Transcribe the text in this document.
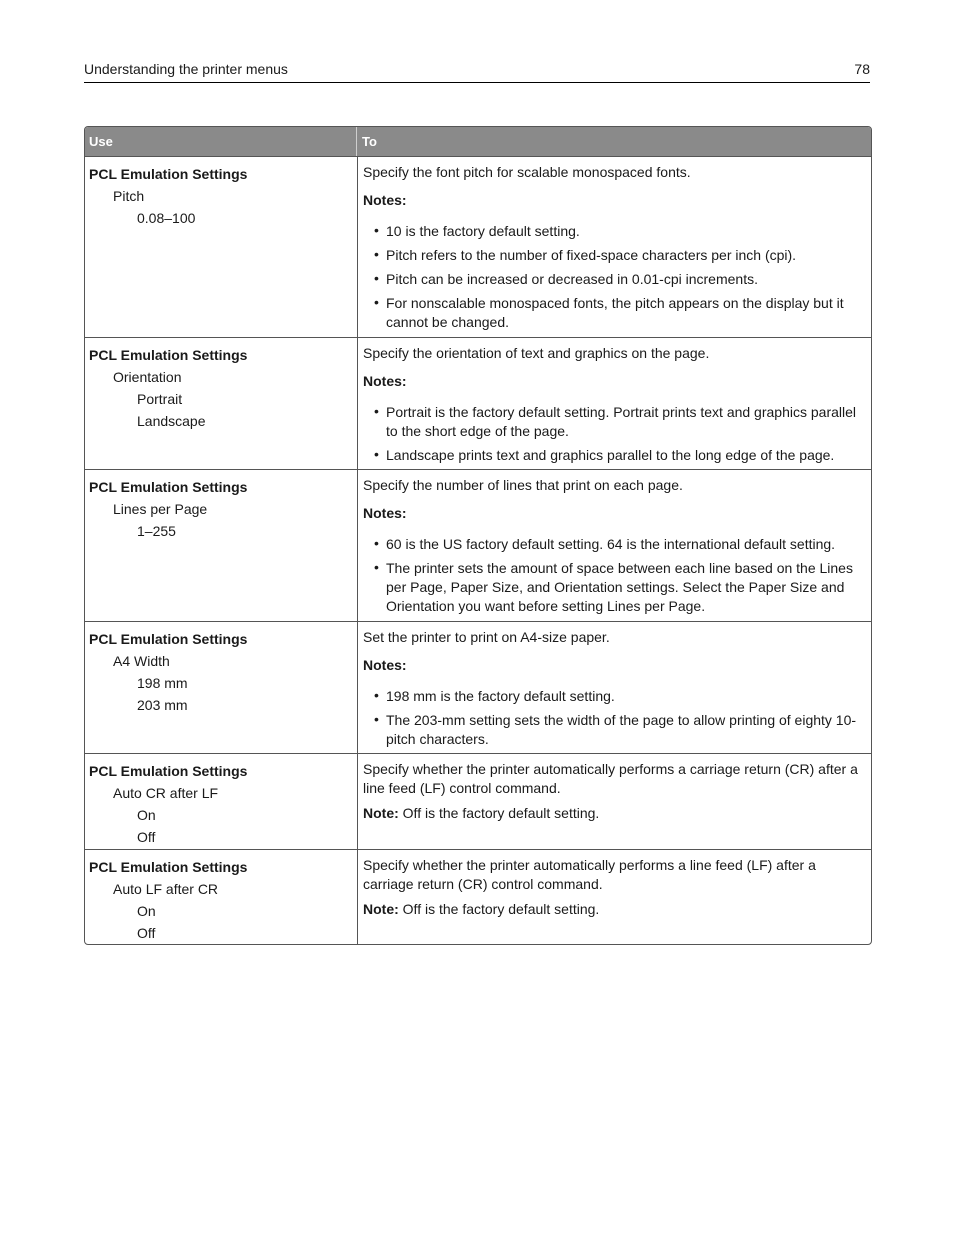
Understanding the printer menus	78
Use	To
PCL Emulation Settings
Pitch
0.08–100
Specify the font pitch for scalable monospaced fonts.
Notes:
• 10 is the factory default setting.
• Pitch refers to the number of fixed-space characters per inch (cpi).
• Pitch can be increased or decreased in 0.01-cpi increments.
• For nonscalable monospaced fonts, the pitch appears on the display but it cannot be changed.
PCL Emulation Settings
Orientation
Portrait
Landscape
Specify the orientation of text and graphics on the page.
Notes:
• Portrait is the factory default setting. Portrait prints text and graphics parallel to the short edge of the page.
• Landscape prints text and graphics parallel to the long edge of the page.
PCL Emulation Settings
Lines per Page
1–255
Specify the number of lines that print on each page.
Notes:
• 60 is the US factory default setting. 64 is the international default setting.
• The printer sets the amount of space between each line based on the Lines per Page, Paper Size, and Orientation settings. Select the Paper Size and Orientation you want before setting Lines per Page.
PCL Emulation Settings
A4 Width
198 mm
203 mm
Set the printer to print on A4-size paper.
Notes:
• 198 mm is the factory default setting.
• The 203-mm setting sets the width of the page to allow printing of eighty 10-pitch characters.
PCL Emulation Settings
Auto CR after LF
On
Off
Specify whether the printer automatically performs a carriage return (CR) after a line feed (LF) control command.
Note: Off is the factory default setting.
PCL Emulation Settings
Auto LF after CR
On
Off
Specify whether the printer automatically performs a line feed (LF) after a carriage return (CR) control command.
Note: Off is the factory default setting.
